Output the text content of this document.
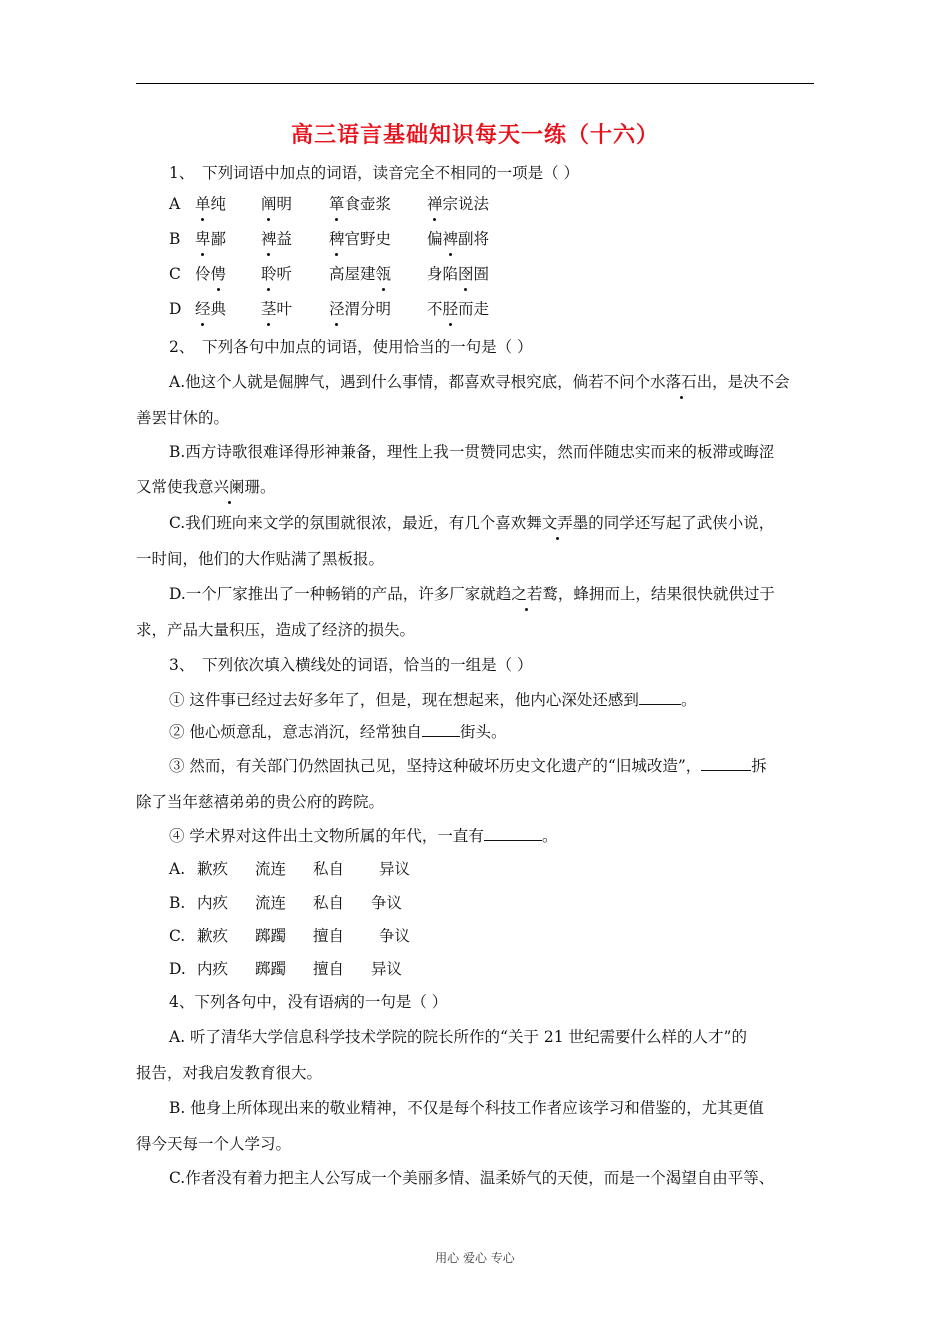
高三语言基础知识每天一练（十六）
1、　下列词语中加点的词语，读音完全不相同的一项是（ ）
A 单纯 阐明 箪食壶浆 禅宗说法
B 卑鄙 裨益 稗官野史 偏裨副将
C 伶俜 聆听 高屋建瓴 身陷囹圄
D 经典 茎叶 泾渭分明 不胫而走
2、　下列各句中加点的词语，使用恰当的一句是（ ）
A.他这个人就是倔脾气，遇到什么事情，都喜欢寻根究底，倘若不问个水落石出，是决不会
善罢甘休的。
B.西方诗歌很难译得形神兼备，理性上我一贯赞同忠实，然而伴随忠实而来的板滞或晦涩
又常使我意兴阑珊。
C.我们班向来文学的氛围就很浓，最近，有几个喜欢舞文弄墨的同学还写起了武侠小说，
一时间，他们的大作贴满了黑板报。
D.一个厂家推出了一种畅销的产品，许多厂家就趋之若鹜，蜂拥而上，结果很快就供过于
求，产品大量积压，造成了经济的损失。
3、　下列依次填入横线处的词语，恰当的一组是（ ）
① 这件事已经过去好多年了，但是，现在想起来，他内心深处还感到	。
② 他心烦意乱，意志消沉，经常独自 街头。
③ 然而，有关部门仍然固执己见，坚持这种破坏历史文化遗产的“旧城改造”，	拆
除了当年慈禧弟弟的贵公府的跨院。
④ 学术界对这件出土文物所属的年代，一直有	。
A. 歉疚 流连 私自 异议
B. 内疚 流连 私自 争议
C. 歉疚 踯躅 擅自 争议
D. 内疚 踯躅 擅自 异议
4、下列各句中，没有语病的一句是（ ）
A. 听了清华大学信息科学技术学院的院长所作的“关于 21 世纪需要什么样的人才”的
报告，对我启发教育很大。
B. 他身上所体现出来的敬业精神，不仅是每个科技工作者应该学习和借鉴的，尤其更值
得今天每一个人学习。
C.作者没有着力把主人公写成一个美丽多情、温柔娇气的天使，而是一个渴望自由平等、
用心 爱心 专心
